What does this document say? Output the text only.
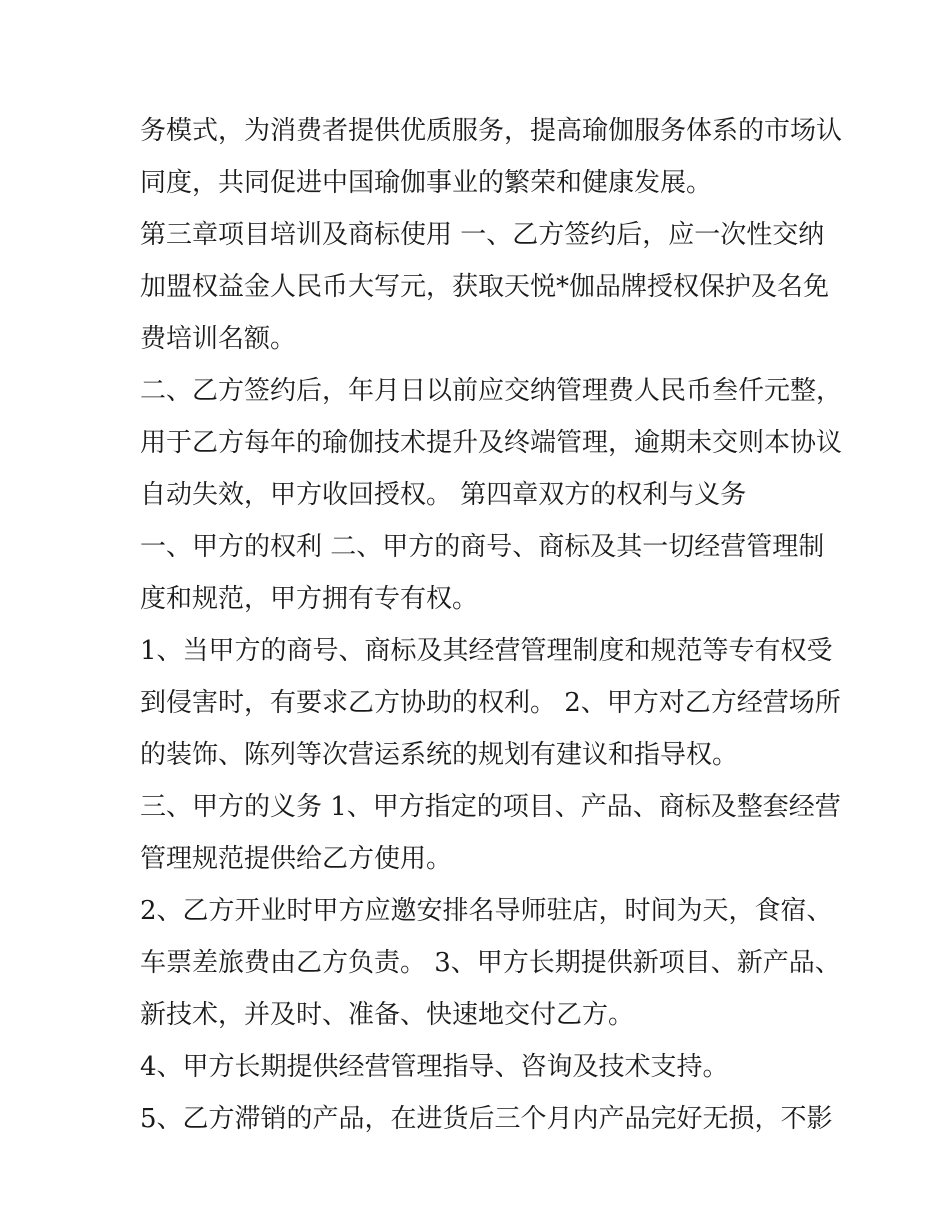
务模式，为消费者提供优质服务，提高瑜伽服务体系的市场认
同度，共同促进中国瑜伽事业的繁荣和健康发展。
第三章项目培训及商标使用 一、乙方签约后，应一次性交纳
加盟权益金人民币大写元，获取天悦*伽品牌授权保护及名免
费培训名额。
二、乙方签约后，年月日以前应交纳管理费人民币叁仟元整，
用于乙方每年的瑜伽技术提升及终端管理，逾期未交则本协议
自动失效，甲方收回授权。 第四章双方的权利与义务
一、甲方的权利 二、甲方的商号、商标及其一切经营管理制
度和规范，甲方拥有专有权。
1、当甲方的商号、商标及其经营管理制度和规范等专有权受
到侵害时，有要求乙方协助的权利。 2、甲方对乙方经营场所
的装饰、陈列等次营运系统的规划有建议和指导权。
三、甲方的义务 1、甲方指定的项目、产品、商标及整套经营
管理规范提供给乙方使用。
2、乙方开业时甲方应邀安排名导师驻店，时间为天，食宿、
车票差旅费由乙方负责。 3、甲方长期提供新项目、新产品、
新技术，并及时、准备、快速地交付乙方。
4、甲方长期提供经营管理指导、咨询及技术支持。
5、乙方滞销的产品，在进货后三个月内产品完好无损，不影
